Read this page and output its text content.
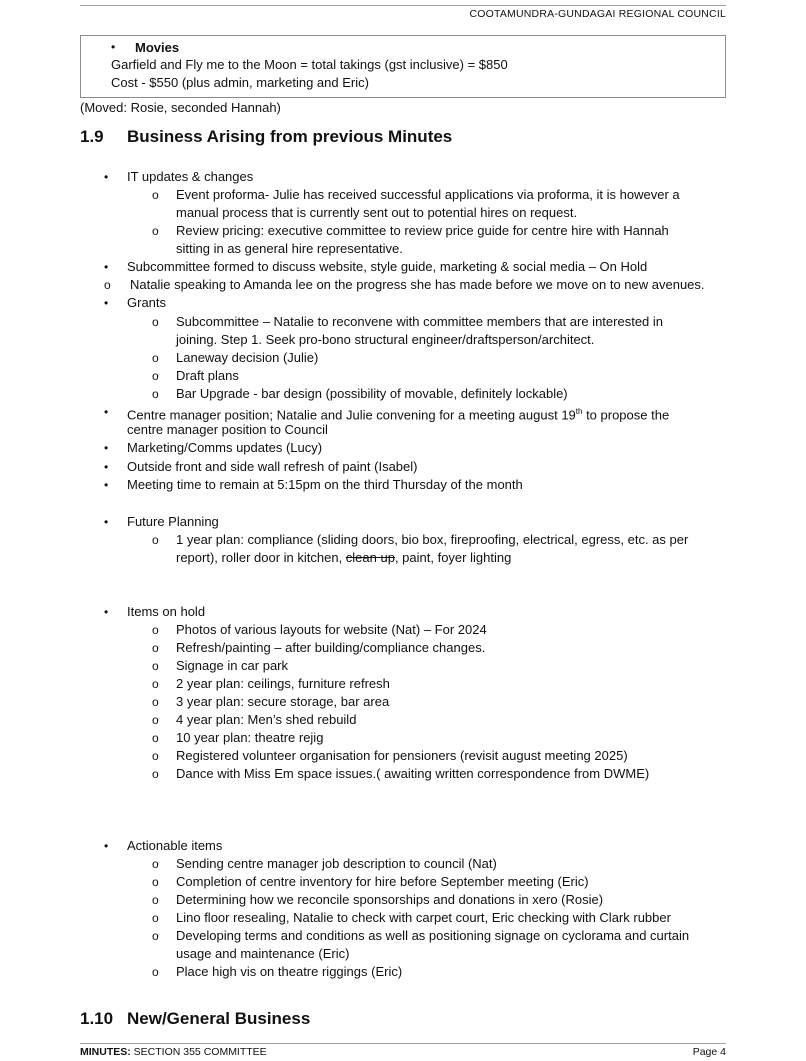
COOTAMUNDRA-GUNDAGAI REGIONAL COUNCIL
• Movies
Garfield and Fly me to the Moon = total takings (gst inclusive) = $850
Cost - $550 (plus admin, marketing and Eric)
(Moved: Rosie, seconded Hannah)
1.9 Business Arising from previous Minutes
• IT updates & changes
o Event proforma- Julie has received successful applications via proforma, it is however a
manual process that is currently sent out to potential hires on request.
o Review pricing: executive committee to review price guide for centre hire with Hannah
sitting in as general hire representative.
• Subcommittee formed to discuss website, style guide, marketing & social media – On Hold
o Natalie speaking to Amanda lee on the progress she has made before we move on to new avenues.
• Grants
o Subcommittee – Natalie to reconvene with committee members that are interested in
joining. Step 1. Seek pro-bono structural engineer/draftsperson/architect.
o Laneway decision (Julie)
o Draft plans
o Bar Upgrade - bar design (possibility of movable, definitely lockable)
• Centre manager position; Natalie and Julie convening for a meeting august 19th to propose the
centre manager position to Council
• Marketing/Comms updates (Lucy)
• Outside front and side wall refresh of paint (Isabel)
• Meeting time to remain at 5:15pm on the third Thursday of the month
• Future Planning
o 1 year plan: compliance (sliding doors, bio box, fireproofing, electrical, egress, etc. as per
report), roller door in kitchen, clean up, paint, foyer lighting
• Items on hold
o Photos of various layouts for website (Nat) – For 2024
o Refresh/painting – after building/compliance changes.
o Signage in car park
o 2 year plan: ceilings, furniture refresh
o 3 year plan: secure storage, bar area
o 4 year plan: Men’s shed rebuild
o 10 year plan: theatre rejig
o Registered volunteer organisation for pensioners (revisit august meeting 2025)
o Dance with Miss Em space issues.( awaiting written correspondence from DWME)
• Actionable items
o Sending centre manager job description to council (Nat)
o Completion of centre inventory for hire before September meeting (Eric)
o Determining how we reconcile sponsorships and donations in xero (Rosie)
o Lino floor resealing, Natalie to check with carpet court, Eric checking with Clark rubber
o Developing terms and conditions as well as positioning signage on cyclorama and curtain
usage and maintenance (Eric)
o Place high vis on theatre riggings (Eric)
1.10 New/General Business
MINUTES: SECTION 355 COMMITTEE	Page 4
